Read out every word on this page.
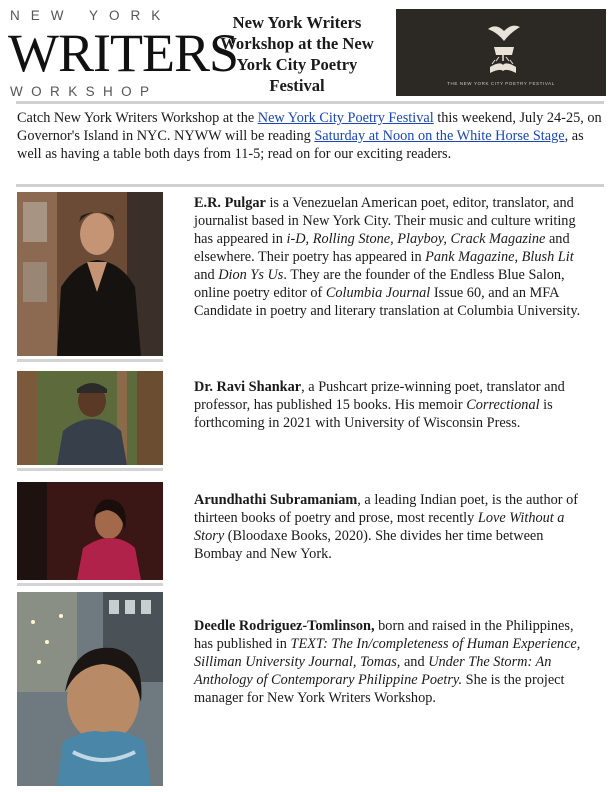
NEW YORK
WRITERS
WORKSHOP
New York Writers Workshop at the New York City Poetry Festival	THE NEW YORK CITY POETRY FESTIVAL
Catch New York Writers Workshop at the New York City Poetry Festival this weekend, July 24-25, on Governor's Island in NYC. NYWW will be reading Saturday at Noon on the White Horse Stage, as well as having a table both days from 11-5; read on for our exciting readers.
E.R. Pulgar is a Venezuelan American poet, editor, translator, and journalist based in New York City. Their music and culture writing has appeared in i-D, Rolling Stone, Playboy, Crack Magazine and elsewhere. Their poetry has appeared in Pank Magazine, Blush Lit and Dion Ys Us. They are the founder of the Endless Blue Salon, online poetry editor of Columbia Journal Issue 60, and an MFA Candidate in poetry and literary translation at Columbia University.
Dr. Ravi Shankar, a Pushcart prize-winning poet, translator and professor, has published 15 books. His memoir Correctional is forthcoming in 2021 with University of Wisconsin Press.
Arundhathi Subramaniam, a leading Indian poet, is the author of thirteen books of poetry and prose, most recently Love Without a Story (Bloodaxe Books, 2020). She divides her time between Bombay and New York.
Deedle Rodriguez-Tomlinson, born and raised in the Philippines, has published in TEXT: The In/completeness of Human Experience, Silliman University Journal, Tomas, and Under The Storm: An Anthology of Contemporary Philippine Poetry. She is the project manager for New York Writers Workshop.
